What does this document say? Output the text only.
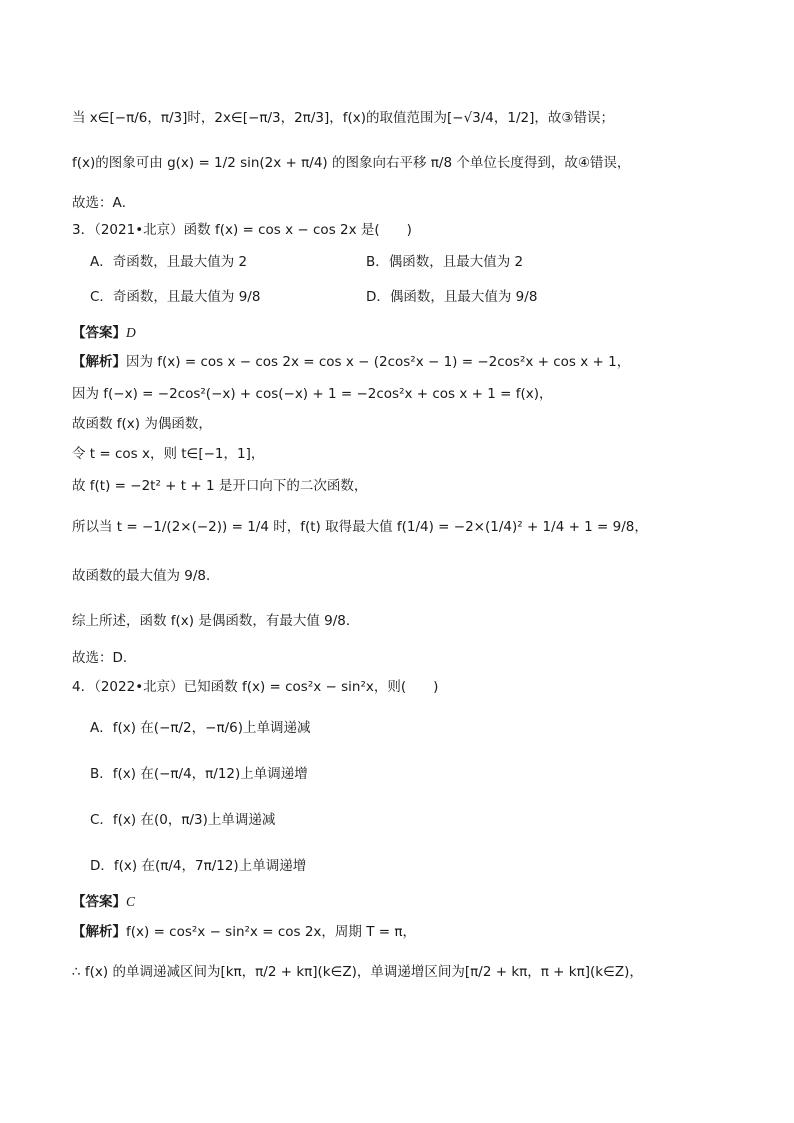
当 x∈[−π/6，π/3]时，2x∈[−π/3，2π/3]，f(x)的取值范围为[−√3/4，1/2]，故③错误；
f(x)的图象可由 g(x) = 1/2 sin(2x + π/4) 的图象向右平移 π/8 个单位长度得到，故④错误，
故选：A．
3．（2021•北京）函数 f(x) = cos x − cos 2x 是(　　)
A．奇函数，且最大值为 2	B．偶函数，且最大值为 2
C．奇函数，且最大值为 9/8	D．偶函数，且最大值为 9/8
【答案】D
【解析】因为 f(x) = cos x − cos 2x = cos x − (2cos²x − 1) = −2cos²x + cos x + 1，
因为 f(−x) = −2cos²(−x) + cos(−x) + 1 = −2cos²x + cos x + 1 = f(x)，
故函数 f(x) 为偶函数，
令 t = cos x，则 t∈[−1，1]，
故 f(t) = −2t² + t + 1 是开口向下的二次函数，
所以当 t = −1/(2×(−2)) = 1/4 时，f(t) 取得最大值 f(1/4) = −2×(1/4)² + 1/4 + 1 = 9/8，
故函数的最大值为 9/8．
综上所述，函数 f(x) 是偶函数，有最大值 9/8．
故选：D．
4．（2022•北京）已知函数 f(x) = cos²x − sin²x，则(　　)
A．f(x) 在(−π/2，−π/6)上单调递减
B．f(x) 在(−π/4，π/12)上单调递增
C．f(x) 在(0，π/3)上单调递减
D．f(x) 在(π/4，7π/12)上单调递增
【答案】C
【解析】f(x) = cos²x − sin²x = cos 2x，周期 T = π，
∴ f(x) 的单调递减区间为[kπ，π/2 + kπ](k∈Z)，单调递增区间为[π/2 + kπ，π + kπ](k∈Z)，
